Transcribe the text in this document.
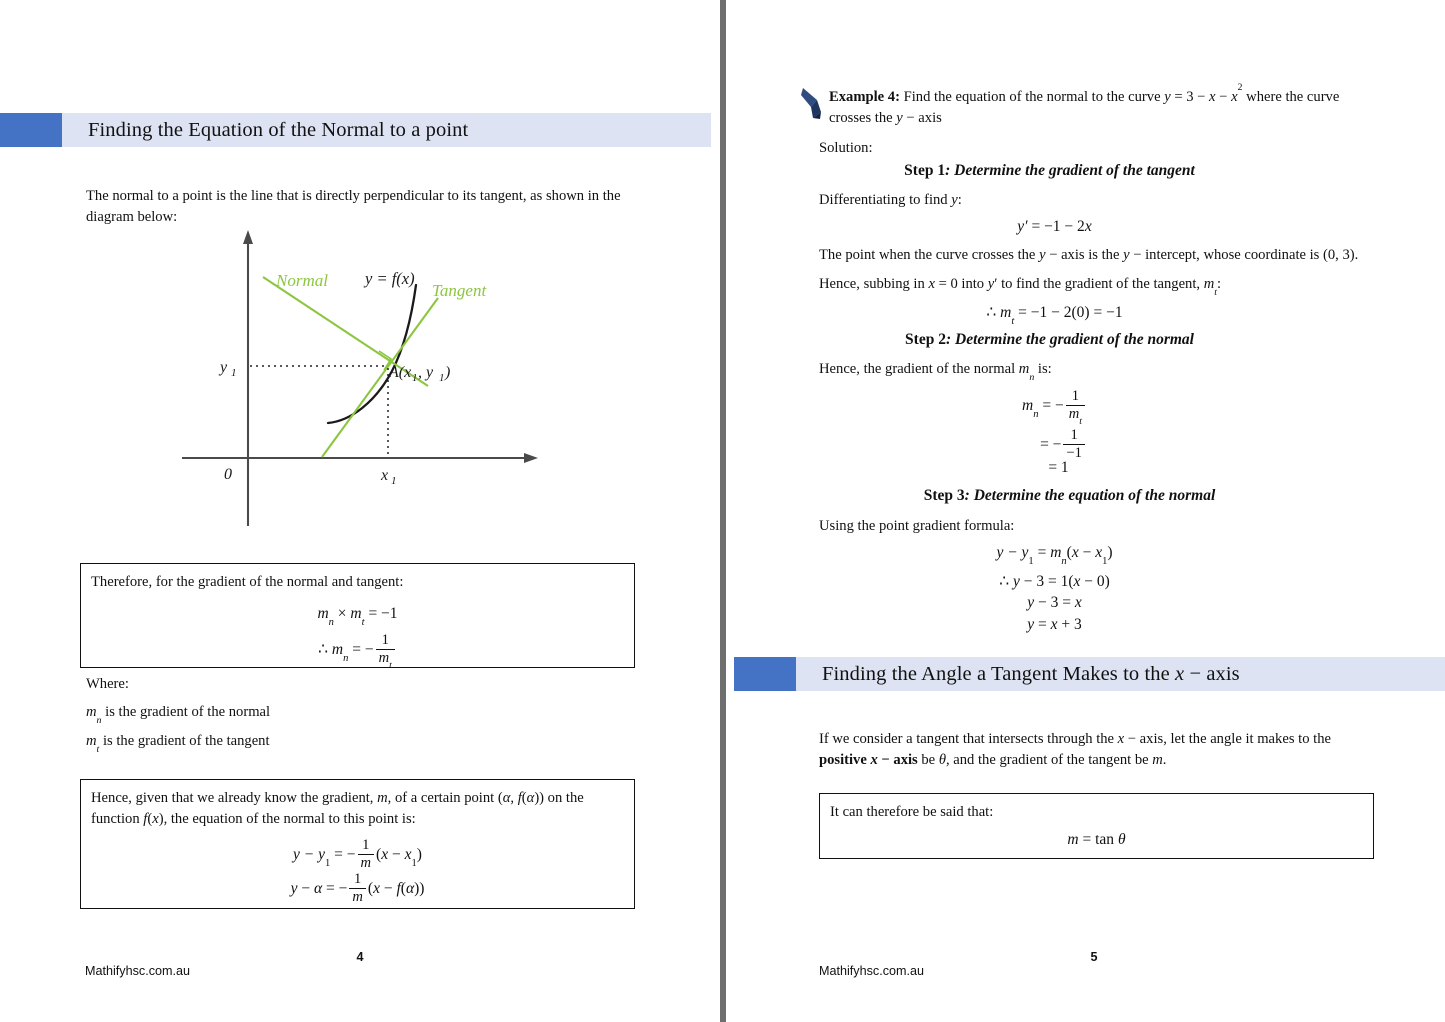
Finding the Equation of the Normal to a point
The normal to a point is the line that is directly perpendicular to its tangent, as shown in the diagram below:
Normal
Tangent
y = f(x)
A(x 1 , y 1 )
y 1
x 1
0
Therefore, for the gradient of the normal and tangent:
$m_n \times m_t = -1$
∴ $m_n$ = − $\frac{1}{m_t}$
Where:
$m_n$ is the gradient of the normal
$m_t$ is the gradient of the tangent
Hence, given that we already know the gradient, m, of a certain point (α, f(α)) on the function f(x), the equation of the normal to this point is:
$y - y_1$ = − $\frac{1}{m} (x - x_1)$
y − α = − $\frac{1}{m} (x - f(\alpha))$
4
Mathifyhsc.com.au
Example 4: Find the equation of the normal to the curve $y = 3 - x - x^2$ where the curve crosses the y − axis
Solution:
Step 1: Determine the gradient of the tangent
Differentiating to find y:
y′ = −1 − 2x
The point when the curve crosses the y − axis is the y − intercept, whose coordinate is (0, 3).
Hence, subbing in x = 0 into y′ to find the gradient of the tangent, $m_t$:
∴ $m_t = -1 - 2(0) = -1$
Step 2: Determine the gradient of the normal
Hence, the gradient of the normal $m_n$ is:
$m_n$ = − $\frac{1}{m_t}$
= − $\frac{1}{-1}$
= 1
Step 3: Determine the equation of the normal
Using the point gradient formula:
$y - y_1 = m_n(x - x_1)$
∴ y − 3 = 1(x − 0)
y − 3 = x
y = x + 3
Finding the Angle a Tangent Makes to the x − axis
If we consider a tangent that intersects through the x − axis, let the angle it makes to the positive x − axis be θ, and the gradient of the tangent be m.
It can therefore be said that:
m = tan θ
5
Mathifyhsc.com.au
